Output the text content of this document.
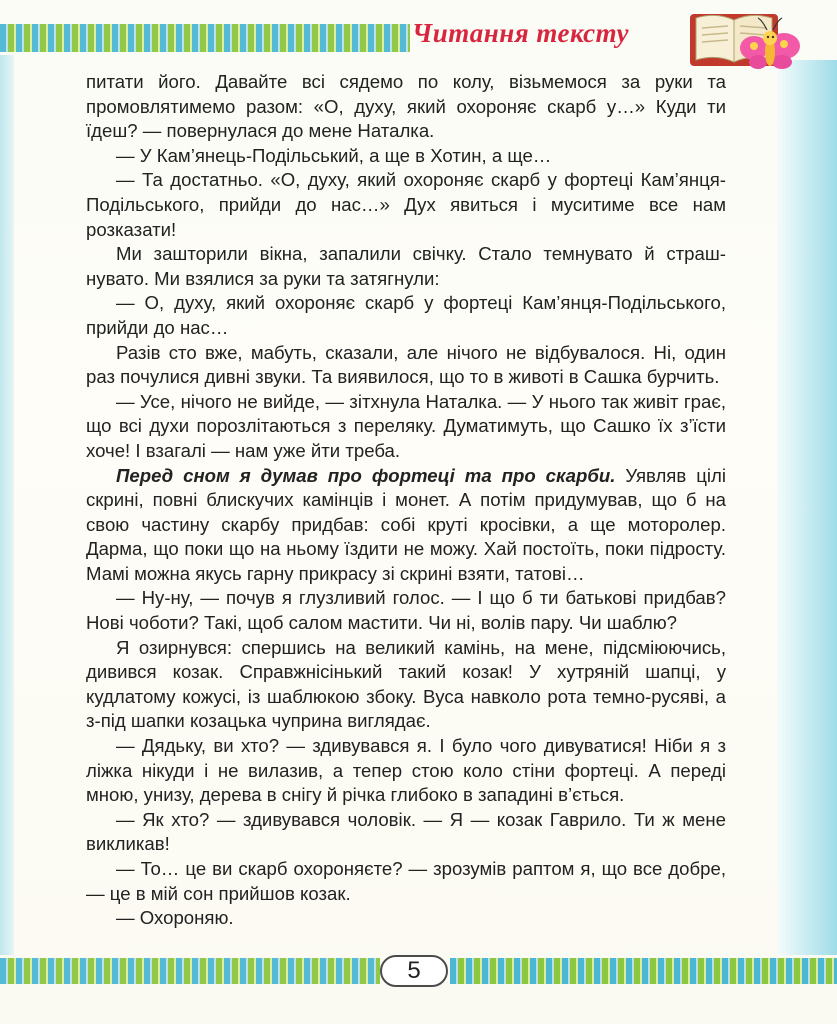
Читання тексту

питати його. Давайте всі сядемо по колу, візьмемося за руки та промовлятимемо разом: «О, духу, який охороняє скарб у…» Куди ти їдеш? — повернулася до мене Наталка.

— У Кам’янець-Подільський, а ще в Хотин, а ще…

— Та достатньо. «О, духу, який охороняє скарб у фортеці Кам’янця-Подільського, прийди до нас…» Дух явиться і муситиме все нам розказати!

Ми зашторили вікна, запалили свічку. Стало темнувато й страшнувато. Ми взялися за руки та затягнули:

— О, духу, який охороняє скарб у фортеці Кам’янця-Подільського, прийди до нас…

Разів сто вже, мабуть, сказали, але нічого не відбувалося. Ні, один раз почулися дивні звуки. Та виявилося, що то в животі в Сашка бурчить.

— Усе, нічого не вийде, — зітхнула Наталка. — У нього так живіт грає, що всі духи порозлітаються з переляку. Думатимуть, що Сашко їх з’їсти хоче! І взагалі — нам уже йти треба.

Перед сном я думав про фортеці та про скарби. Уявляв цілі скрині, повні блискучих камінців і монет. А потім придумував, що б на свою частину скарбу придбав: собі круті кросівки, а ще моторолер. Дарма, що поки що на ньому їздити не можу. Хай постоїть, поки підросту. Мамі можна якусь гарну прикрасу зі скрині взяти, татові…

— Ну-ну, — почув я глузливий голос. — І що б ти батькові придбав? Нові чоботи? Такі, щоб салом мастити. Чи ні, волів пару. Чи шаблю?

Я озирнувся: спершись на великий камінь, на мене, підсміюючись, дивився козак. Справжнісінький такий козак! У хутряній шапці, у кудлатому кожусі, із шаблюкою збоку. Вуса навколо рота темно-русяві, а з-під шапки козацька чуприна виглядає.

— Дядьку, ви хто? — здивувався я. І було чого дивуватися! Ніби я з ліжка нікуди і не вилазив, а тепер стою коло стіни фортеці. А переді мною, унизу, дерева в снігу й річка глибоко в западині в’ється.

— Як хто? — здивувався чоловік. — Я — козак Гаврило. Ти ж мене викликав!

— То… це ви скарб охороняєте? — зрозумів раптом я, що все добре, — це в мій сон прийшов козак.

— Охороняю.

5
